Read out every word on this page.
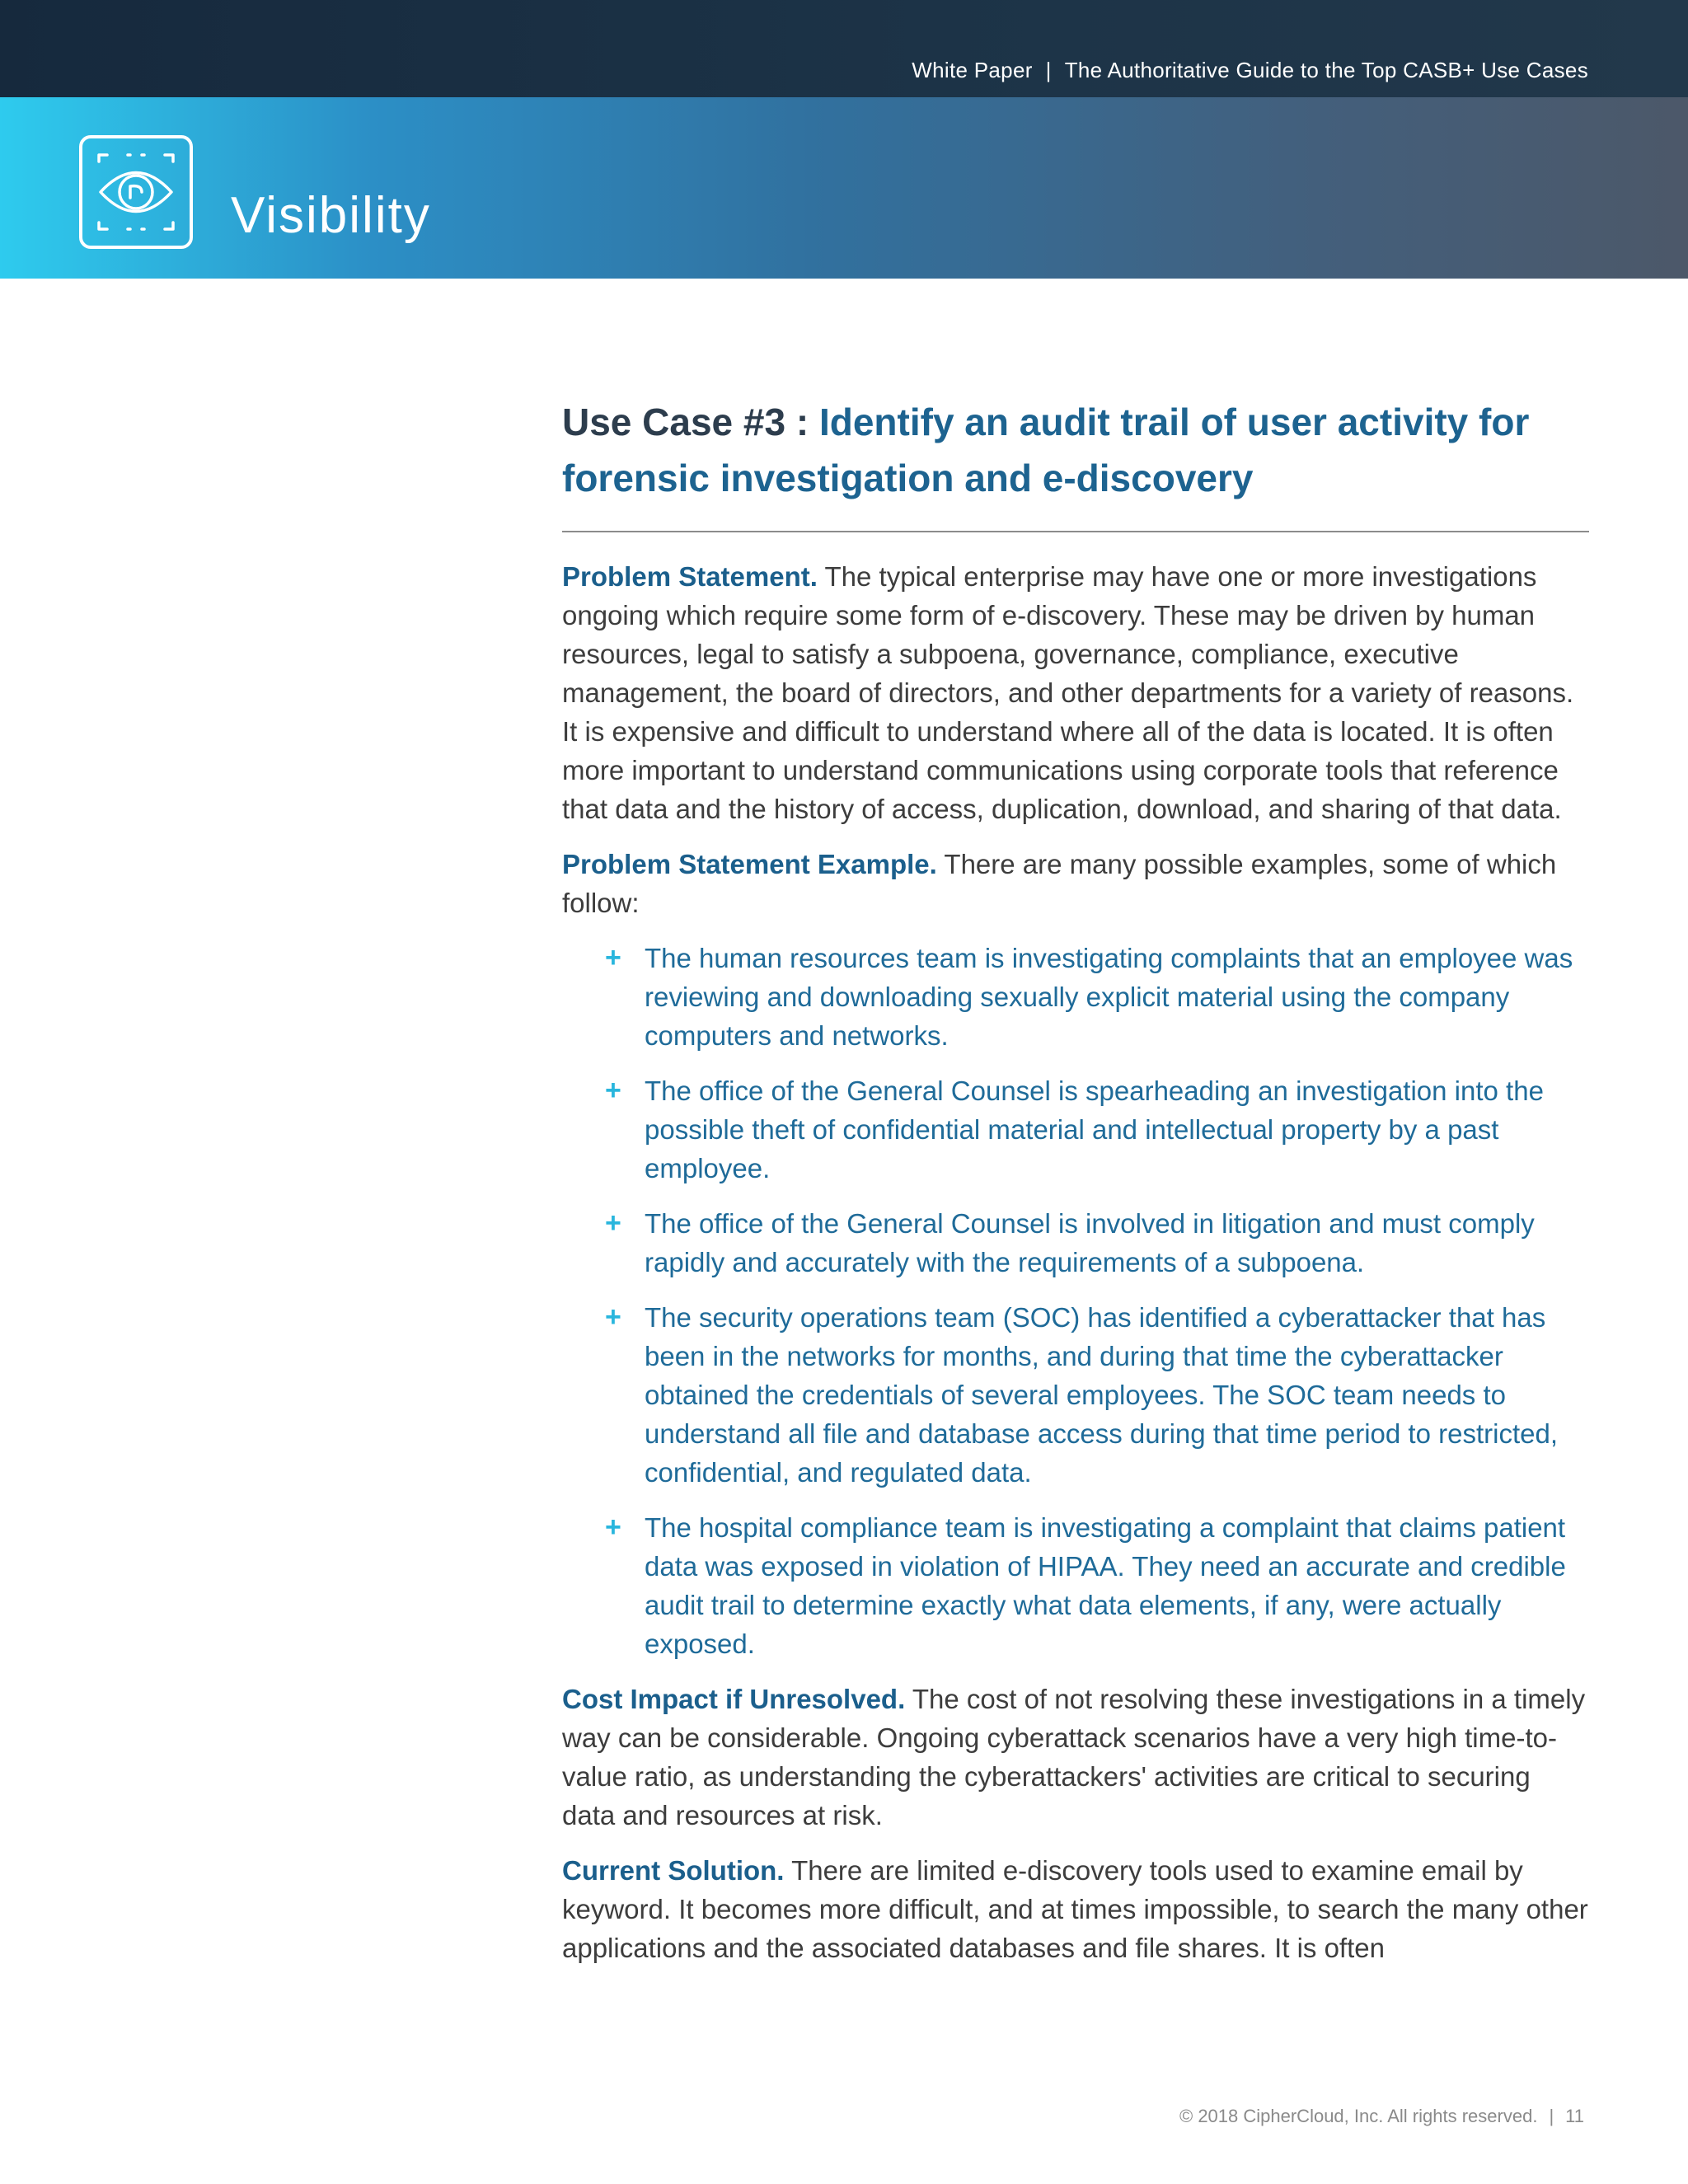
White Paper | The Authoritative Guide to the Top CASB+ Use Cases
Visibility
Use Case #3 : Identify an audit trail of user activity for forensic investigation and e-discovery

Problem Statement. The typical enterprise may have one or more investigations ongoing which require some form of e-discovery. These may be driven by human resources, legal to satisfy a subpoena, governance, compliance, executive management, the board of directors, and other departments for a variety of reasons. It is expensive and difficult to understand where all of the data is located. It is often more important to understand communications using corporate tools that reference that data and the history of access, duplication, download, and sharing of that data.

Problem Statement Example. There are many possible examples, some of which follow:

+ The human resources team is investigating complaints that an employee was reviewing and downloading sexually explicit material using the company computers and networks.
+ The office of the General Counsel is spearheading an investigation into the possible theft of confidential material and intellectual property by a past employee.
+ The office of the General Counsel is involved in litigation and must comply rapidly and accurately with the requirements of a subpoena.
+ The security operations team (SOC) has identified a cyberattacker that has been in the networks for months, and during that time the cyberattacker obtained the credentials of several employees. The SOC team needs to understand all file and database access during that time period to restricted, confidential, and regulated data.
+ The hospital compliance team is investigating a complaint that claims patient data was exposed in violation of HIPAA. They need an accurate and credible audit trail to determine exactly what data elements, if any, were actually exposed.

Cost Impact if Unresolved. The cost of not resolving these investigations in a timely way can be considerable. Ongoing cyberattack scenarios have a very high time-to-value ratio, as understanding the cyberattackers' activities are critical to securing data and resources at risk.

Current Solution. There are limited e-discovery tools used to examine email by keyword. It becomes more difficult, and at times impossible, to search the many other applications and the associated databases and file shares. It is often

© 2018 CipherCloud, Inc. All rights reserved. | 11
